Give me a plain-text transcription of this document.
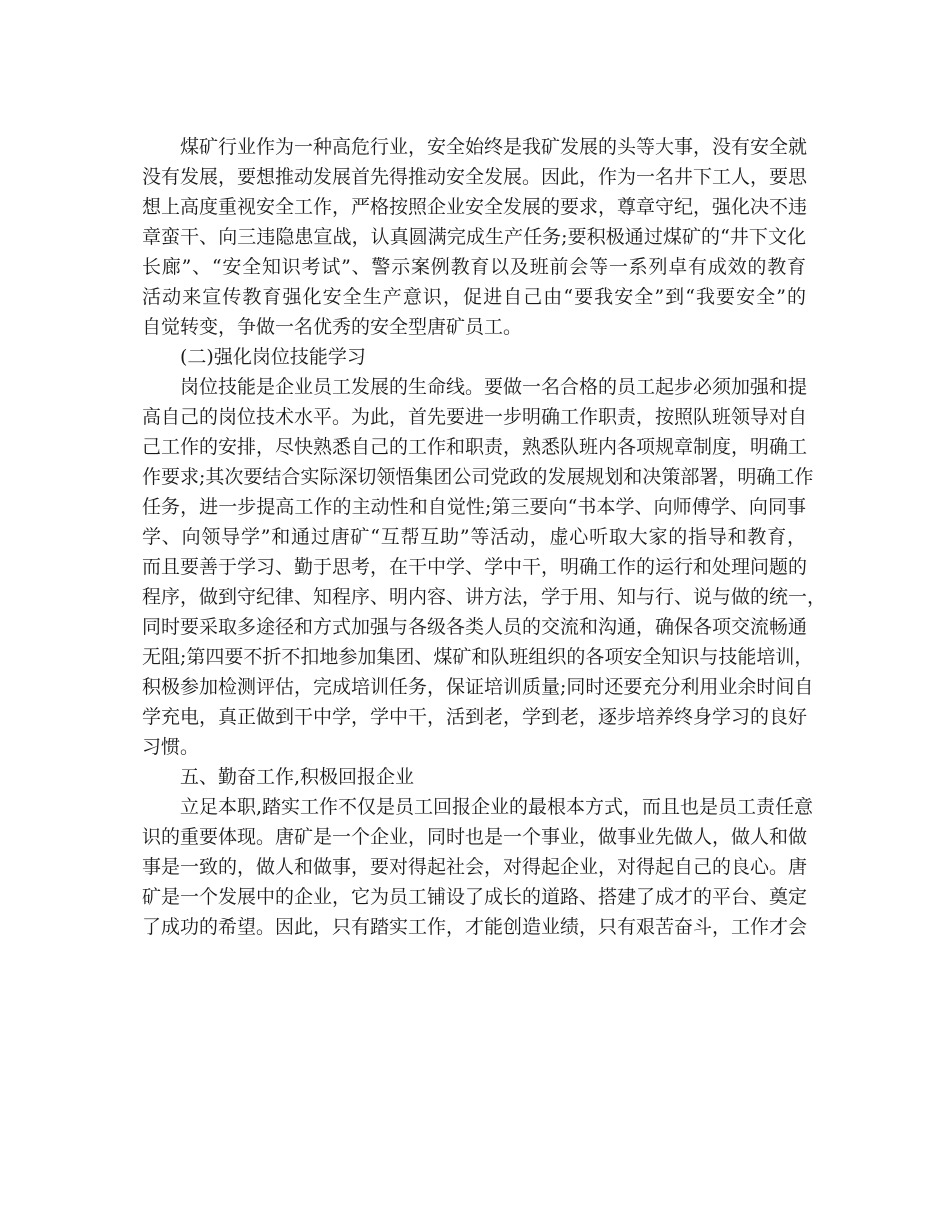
煤矿行业作为一种高危行业，安全始终是我矿发展的头等大事，没有安全就
没有发展，要想推动发展首先得推动安全发展。因此，作为一名井下工人，要思
想上高度重视安全工作，严格按照企业安全发展的要求，尊章守纪，强化决不违
章蛮干、向三违隐患宣战，认真圆满完成生产任务;要积极通过煤矿的“井下文化
长廊”、“安全知识考试”、警示案例教育以及班前会等一系列卓有成效的教育
活动来宣传教育强化安全生产意识，促进自己由“要我安全”到“我要安全”的
自觉转变，争做一名优秀的安全型唐矿员工。
(二)强化岗位技能学习
岗位技能是企业员工发展的生命线。要做一名合格的员工起步必须加强和提
高自己的岗位技术水平。为此，首先要进一步明确工作职责，按照队班领导对自
己工作的安排，尽快熟悉自己的工作和职责，熟悉队班内各项规章制度，明确工
作要求;其次要结合实际深切领悟集团公司党政的发展规划和决策部署，明确工作
任务，进一步提高工作的主动性和自觉性;第三要向“书本学、向师傅学、向同事
学、向领导学”和通过唐矿“互帮互助”等活动，虚心听取大家的指导和教育，
而且要善于学习、勤于思考，在干中学、学中干，明确工作的运行和处理问题的
程序，做到守纪律、知程序、明内容、讲方法，学于用、知与行、说与做的统一，
同时要采取多途径和方式加强与各级各类人员的交流和沟通，确保各项交流畅通
无阻;第四要不折不扣地参加集团、煤矿和队班组织的各项安全知识与技能培训，
积极参加检测评估，完成培训任务，保证培训质量;同时还要充分利用业余时间自
学充电，真正做到干中学，学中干，活到老，学到老，逐步培养终身学习的良好
习惯。
五、勤奋工作,积极回报企业
立足本职,踏实工作不仅是员工回报企业的最根本方式，而且也是员工责任意
识的重要体现。唐矿是一个企业，同时也是一个事业，做事业先做人，做人和做
事是一致的，做人和做事，要对得起社会，对得起企业，对得起自己的良心。唐
矿是一个发展中的企业，它为员工铺设了成长的道路、搭建了成才的平台、奠定
了成功的希望。因此，只有踏实工作，才能创造业绩，只有艰苦奋斗，工作才会
